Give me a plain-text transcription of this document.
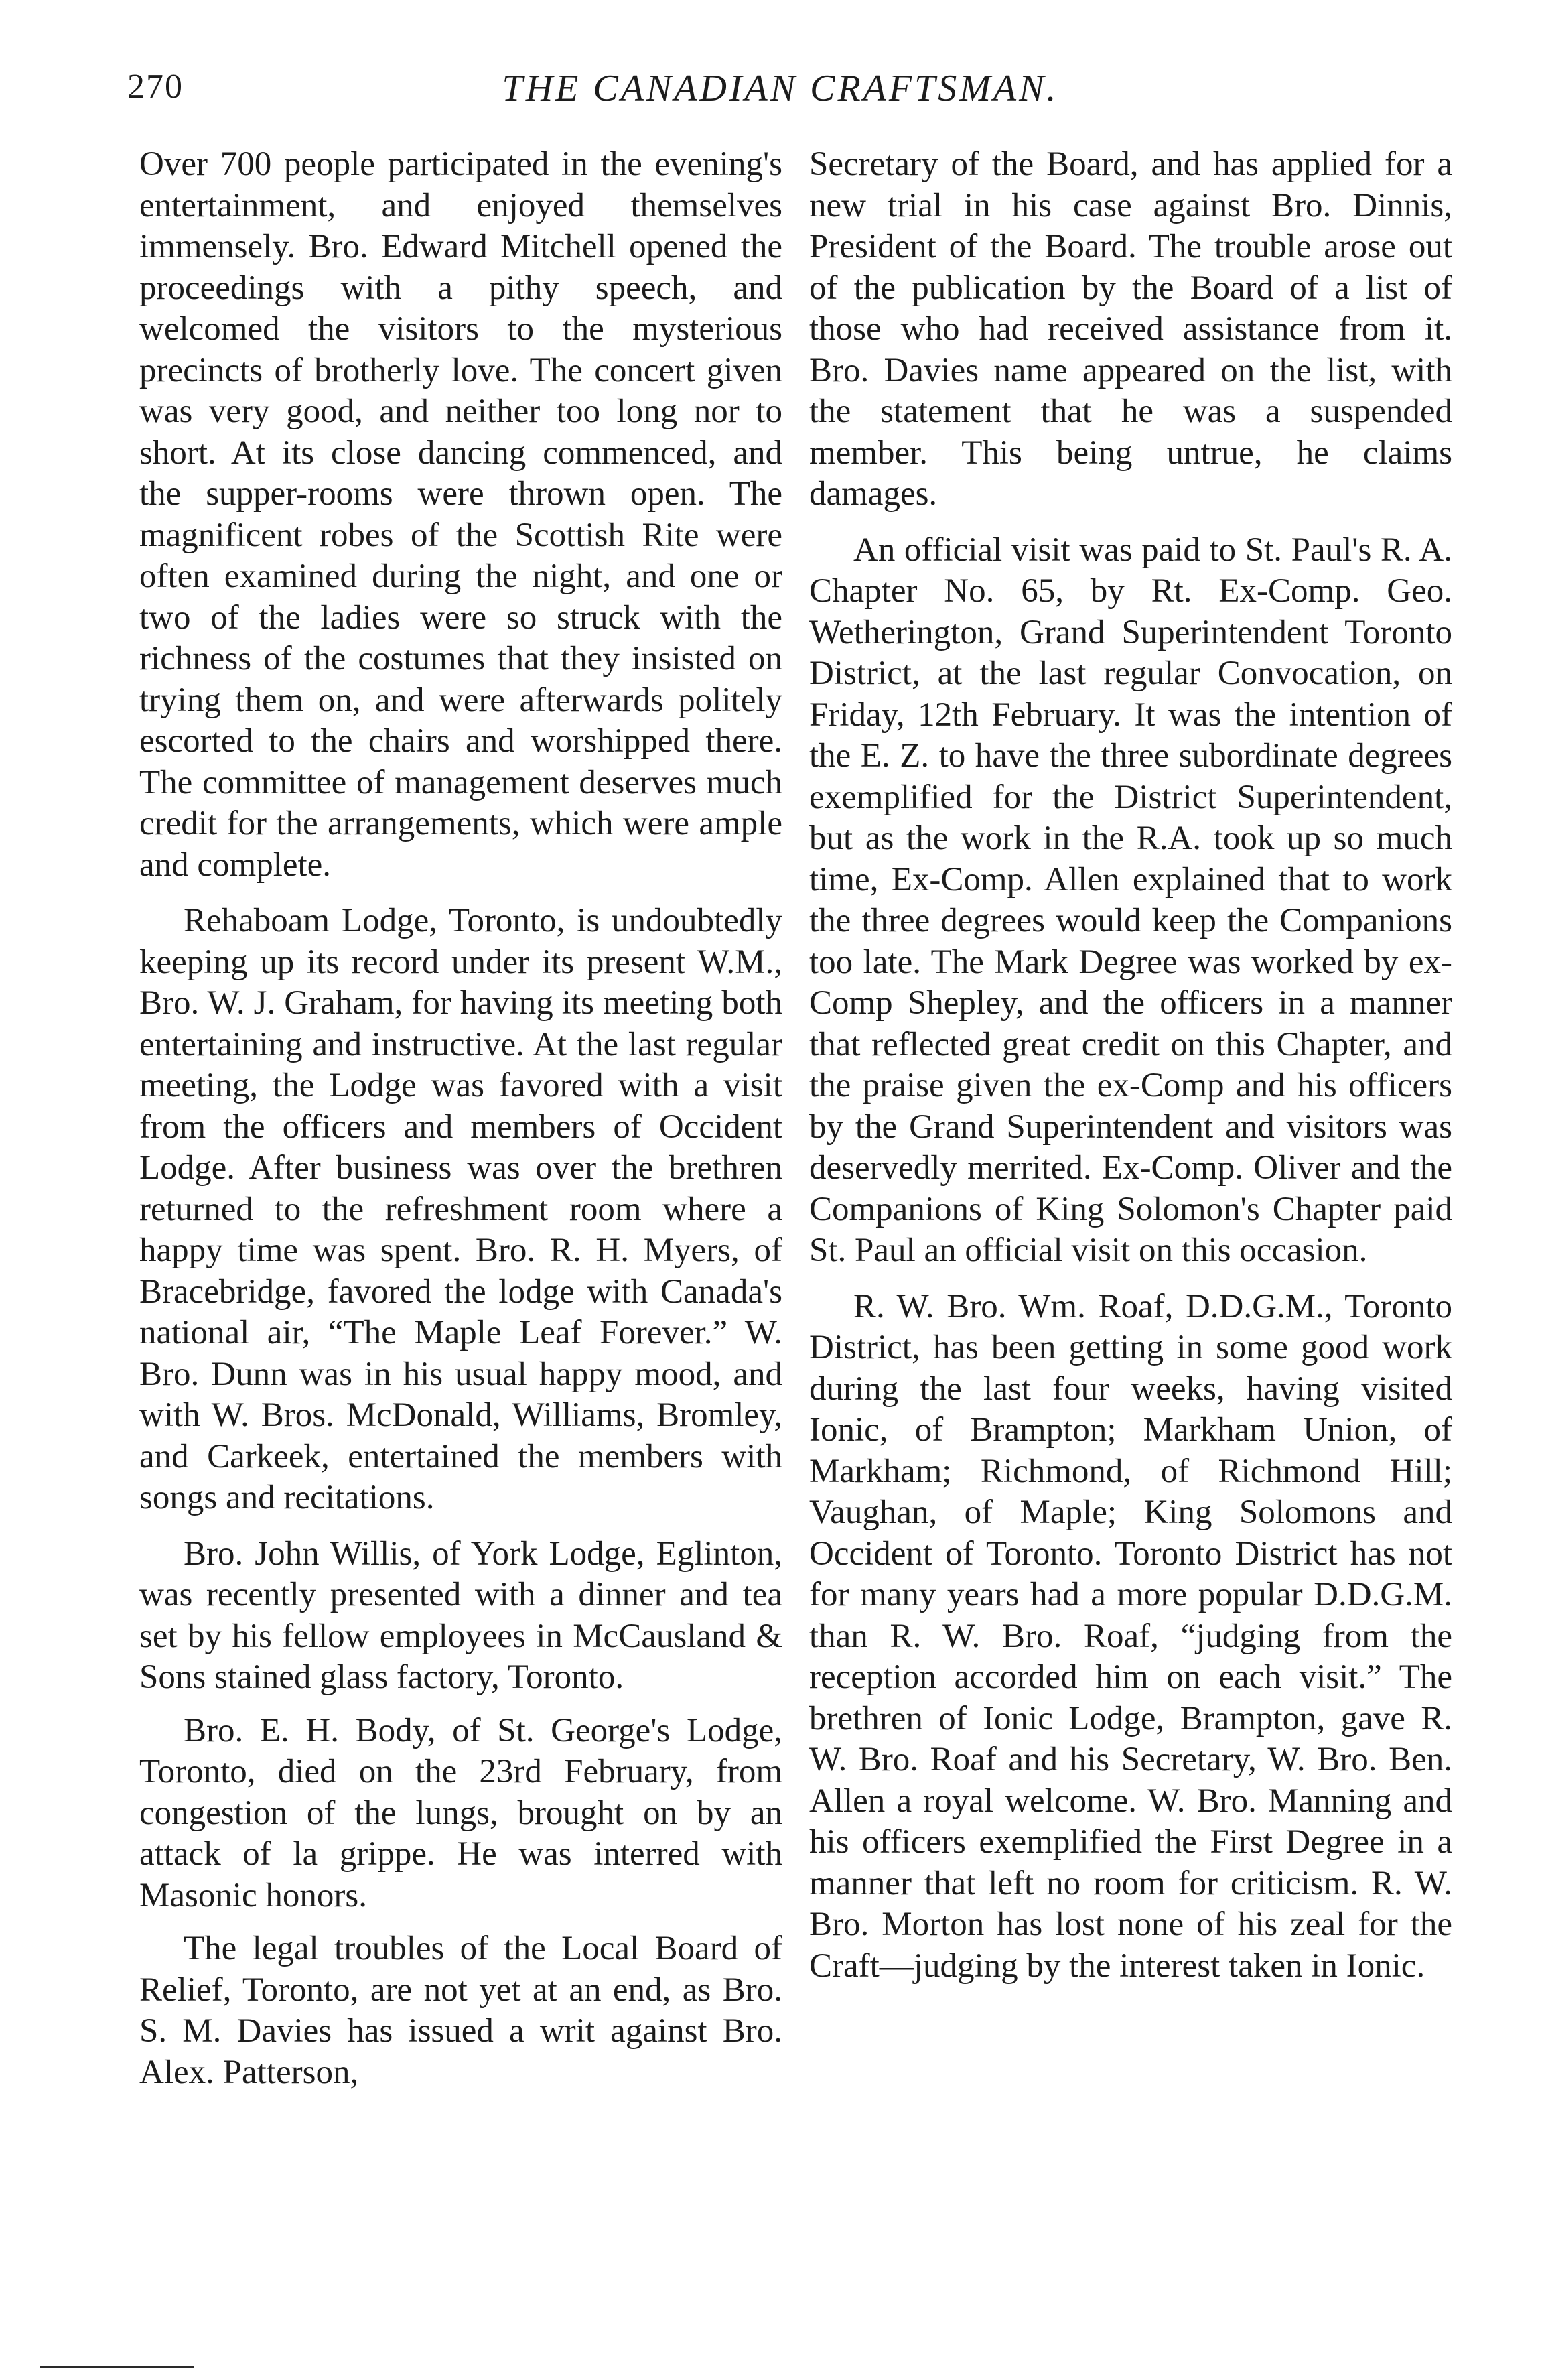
270	THE CANADIAN CRAFTSMAN.

Over 700 people participated in the evening's entertainment, and enjoyed themselves immensely. Bro. Edward Mitchell opened the proceedings with a pithy speech, and welcomed the visitors to the mysterious precincts of brotherly love. The concert given was very good, and neither too long nor to short. At its close dancing commenced, and the supper-rooms were thrown open. The magnificent robes of the Scottish Rite were often examined during the night, and one or two of the ladies were so struck with the richness of the costumes that they insisted on trying them on, and were afterwards politely escorted to the chairs and worshipped there. The committee of management deserves much credit for the arrangements, which were ample and complete.

Rehaboam Lodge, Toronto, is undoubtedly keeping up its record under its present W.M., Bro. W. J. Graham, for having its meeting both entertaining and instructive. At the last regular meeting, the Lodge was favored with a visit from the officers and members of Occident Lodge. After business was over the brethren returned to the refreshment room where a happy time was spent. Bro. R. H. Myers, of Bracebridge, favored the lodge with Canada's national air, “The Maple Leaf Forever.” W. Bro. Dunn was in his usual happy mood, and with W. Bros. McDonald, Williams, Bromley, and Carkeek, entertained the members with songs and recitations.

Bro. John Willis, of York Lodge, Eglinton, was recently presented with a dinner and tea set by his fellow employees in McCausland & Sons stained glass factory, Toronto.

Bro. E. H. Body, of St. George's Lodge, Toronto, died on the 23rd February, from congestion of the lungs, brought on by an attack of la grippe. He was interred with Masonic honors.

The legal troubles of the Local Board of Relief, Toronto, are not yet at an end, as Bro. S. M. Davies has issued a writ against Bro. Alex. Patterson,

Secretary of the Board, and has applied for a new trial in his case against Bro. Dinnis, President of the Board. The trouble arose out of the publication by the Board of a list of those who had received assistance from it. Bro. Davies name appeared on the list, with the statement that he was a suspended member. This being untrue, he claims damages.

An official visit was paid to St. Paul's R. A. Chapter No. 65, by Rt. Ex-Comp. Geo. Wetherington, Grand Superintendent Toronto District, at the last regular Convocation, on Friday, 12th February. It was the intention of the E. Z. to have the three subordinate degrees exemplified for the District Superintendent, but as the work in the R.A. took up so much time, Ex-Comp. Allen explained that to work the three degrees would keep the Companions too late. The Mark Degree was worked by ex-Comp Shepley, and the officers in a manner that reflected great credit on this Chapter, and the praise given the ex-Comp and his officers by the Grand Superintendent and visitors was deservedly merrited. Ex-Comp. Oliver and the Companions of King Solomon's Chapter paid St. Paul an official visit on this occasion.

R. W. Bro. Wm. Roaf, D.D.G.M., Toronto District, has been getting in some good work during the last four weeks, having visited Ionic, of Brampton; Markham Union, of Markham; Richmond, of Richmond Hill; Vaughan, of Maple; King Solomons and Occident of Toronto. Toronto District has not for many years had a more popular D.D.G.M. than R. W. Bro. Roaf, “judging from the reception accorded him on each visit.” The brethren of Ionic Lodge, Brampton, gave R. W. Bro. Roaf and his Secretary, W. Bro. Ben. Allen a royal welcome. W. Bro. Manning and his officers exemplified the First Degree in a manner that left no room for criticism. R. W. Bro. Morton has lost none of his zeal for the Craft—judging by the interest taken in Ionic.
